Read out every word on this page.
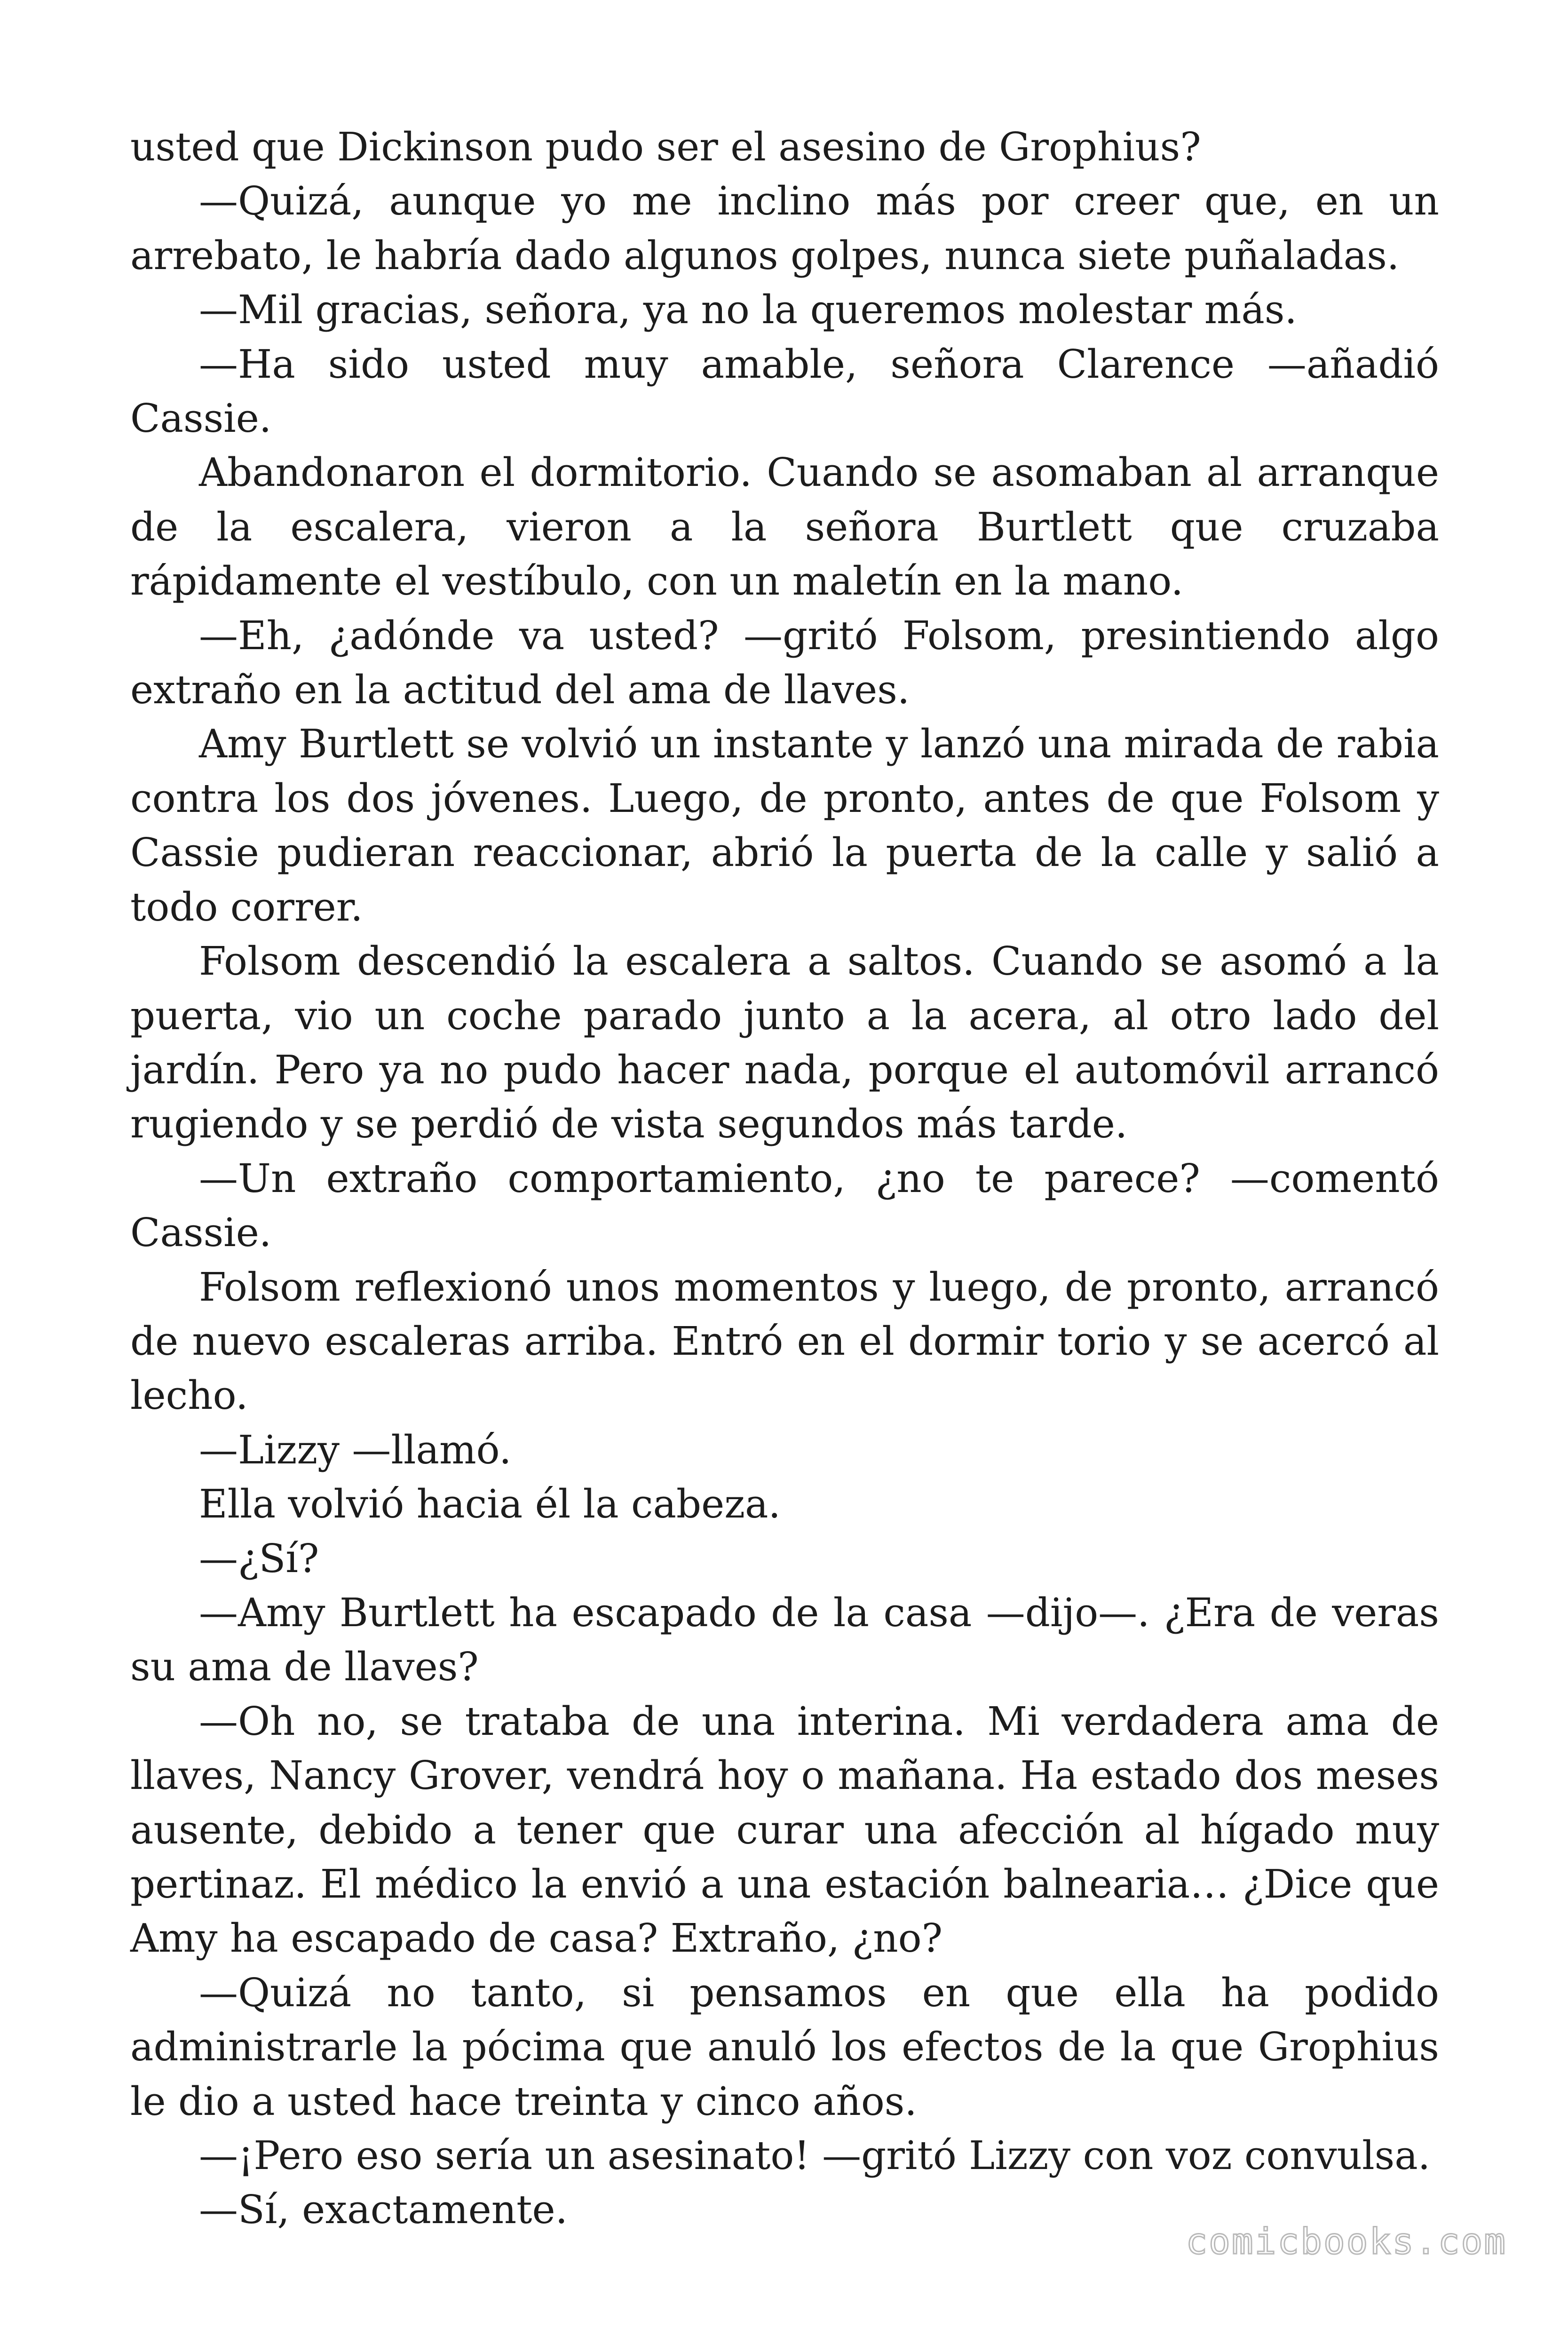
usted que Dickinson pudo ser el asesino de Grophius?

—Quizá, aunque yo me inclino más por creer que, en un arrebato, le habría dado algunos golpes, nunca siete puñaladas.

—Mil gracias, señora, ya no la queremos molestar más.

—Ha sido usted muy amable, señora Clarence —añadió Cassie.

Abandonaron el dormitorio. Cuando se asomaban al arranque de la escalera, vieron a la señora Burtlett que cruzaba rápidamente el vestíbulo, con un maletín en la mano.

—Eh, ¿adónde va usted? —gritó Folsom, presintiendo algo extraño en la actitud del ama de llaves.

Amy Burtlett se volvió un instante y lanzó una mirada de rabia contra los dos jóvenes. Luego, de pronto, antes de que Folsom y Cassie pudieran reaccionar, abrió la puerta de la calle y salió a todo correr.

Folsom descendió la escalera a saltos. Cuando se asomó a la puerta, vio un coche parado junto a la acera, al otro lado del jardín. Pero ya no pudo hacer nada, porque el automóvil arrancó rugiendo y se perdió de vista segundos más tarde.

—Un extraño comportamiento, ¿no te parece? —comentó Cassie.

Folsom reflexionó unos momentos y luego, de pronto, arrancó de nuevo escaleras arriba. Entró en el dormir torio y se acercó al lecho.

—Lizzy —llamó.

Ella volvió hacia él la cabeza.

—¿Sí?

—Amy Burtlett ha escapado de la casa —dijo—. ¿Era de veras su ama de llaves?

—Oh no, se trataba de una interina. Mi verdadera ama de llaves, Nancy Grover, vendrá hoy o mañana. Ha estado dos meses ausente, debido a tener que curar una afección al hígado muy pertinaz. El médico la envió a una estación balnearia… ¿Dice que Amy ha escapado de casa? Extraño, ¿no?

—Quizá no tanto, si pensamos en que ella ha podido administrarle la pócima que anuló los efectos de la que Grophius le dio a usted hace treinta y cinco años.

—¡Pero eso sería un asesinato! —gritó Lizzy con voz convulsa.

—Sí, exactamente.

comicbooks.com
